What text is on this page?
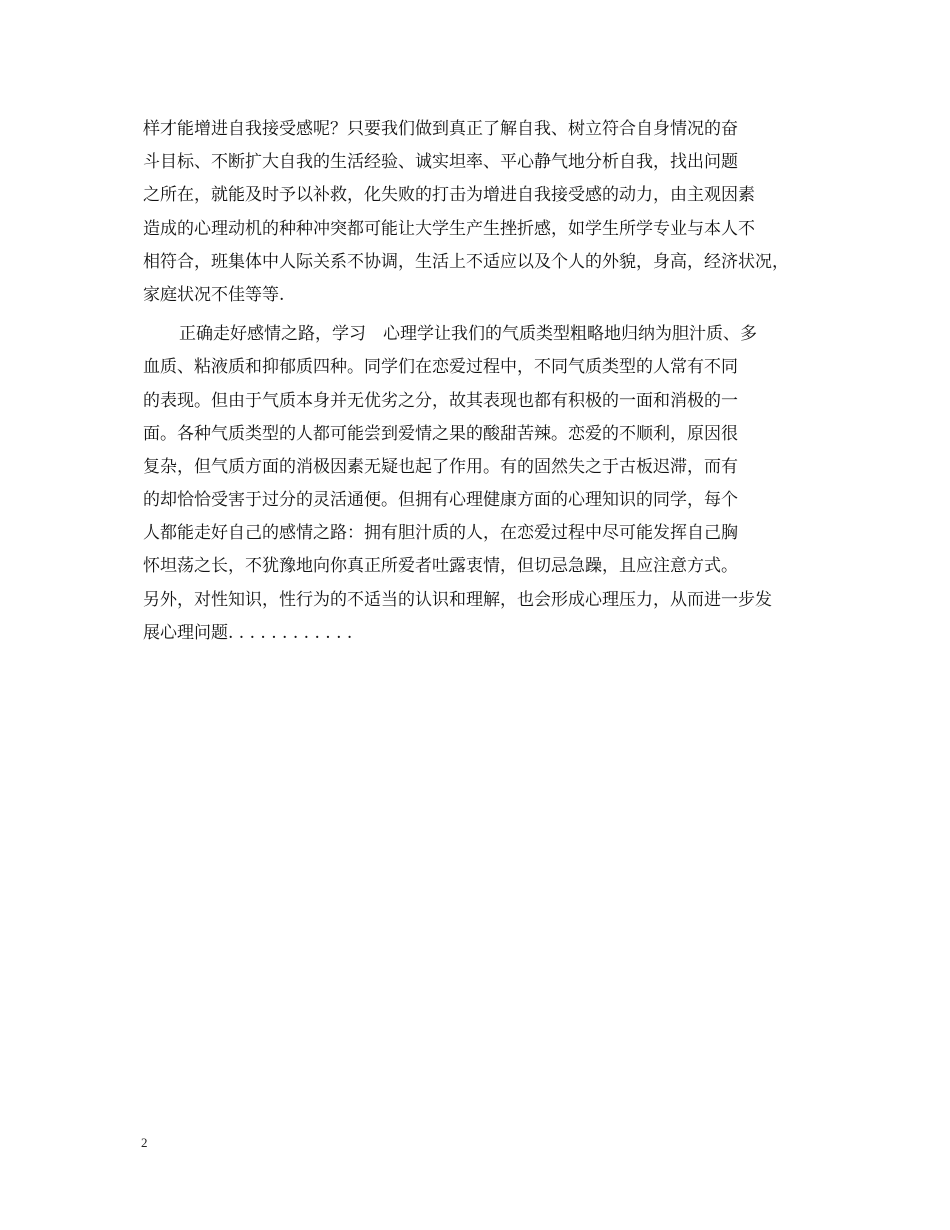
样才能增进自我接受感呢？只要我们做到真正了解自我、树立符合自身情况的奋
斗目标、不断扩大自我的生活经验、诚实坦率、平心静气地分析自我，找出问题
之所在，就能及时予以补救，化失败的打击为增进自我接受感的动力，由主观因素
造成的心理动机的种种冲突都可能让大学生产生挫折感，如学生所学专业与本人不
相符合，班集体中人际关系不协调，生活上不适应以及个人的外貌，身高，经济状况，
家庭状况不佳等等.
正确走好感情之路，学习　心理学让我们的气质类型粗略地归纳为胆汁质、多
血质、粘液质和抑郁质四种。同学们在恋爱过程中，不同气质类型的人常有不同
的表现。但由于气质本身并无优劣之分，故其表现也都有积极的一面和消极的一
面。各种气质类型的人都可能尝到爱情之果的酸甜苦辣。恋爱的不顺利，原因很
复杂，但气质方面的消极因素无疑也起了作用。有的固然失之于古板迟滞，而有
的却恰恰受害于过分的灵活通便。但拥有心理健康方面的心理知识的同学，每个
人都能走好自己的感情之路：拥有胆汁质的人，在恋爱过程中尽可能发挥自己胸
怀坦荡之长，不犹豫地向你真正所爱者吐露衷情，但切忌急躁，且应注意方式。
另外，对性知识，性行为的不适当的认识和理解，也会形成心理压力，从而进一步发
展心理问题. . . . . . . . . . . .
2
